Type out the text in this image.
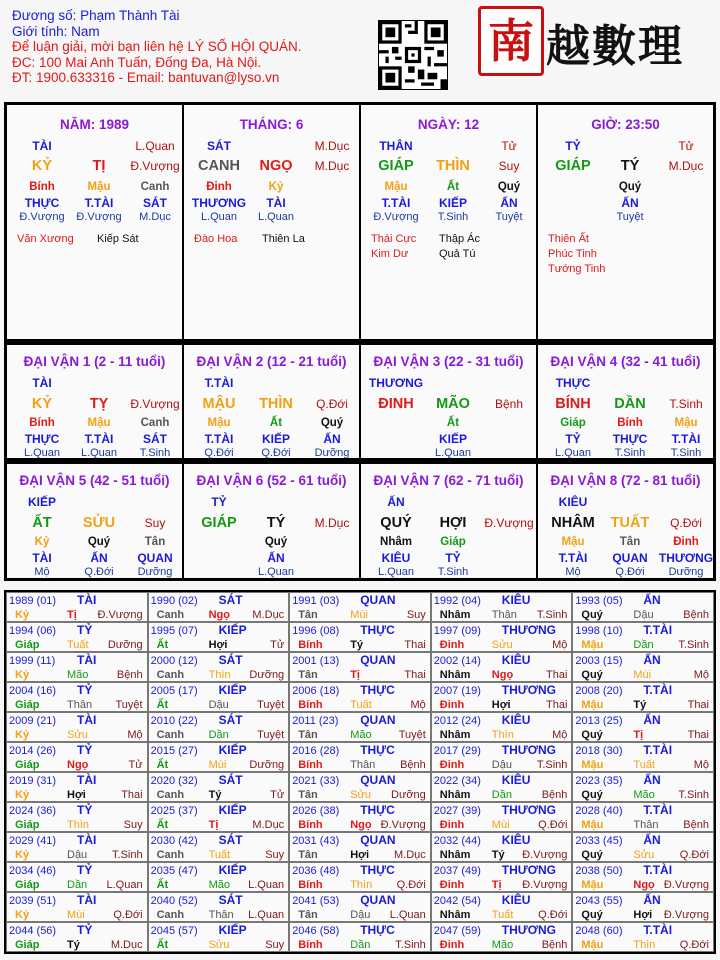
Đương số: Phạm Thành Tài
Giới tính: Nam
Để luận giải, mời bạn liên hệ LÝ SỐ HỘI QUÁN.
ĐC: 100 Mai Anh Tuấn, Đống Đa, Hà Nội.
ĐT: 1900.633316 - Email: bantuvan@lyso.vn
南 越數理
NĂM: 1989
TÀI	L.Quan
KỶ	TỊ Đ.Vượng
Bính
THỰC
Đ.Vượng
Mậu
T.TÀI
Đ.Vượng
Canh
SÁT
M.Dục
Văn Xương Kiếp Sát
THÁNG: 6
SÁT	M.Dục
CANH NGỌ M.Dục
Đinh
THƯƠNG
L.Quan
Kỷ
TÀI
L.Quan
Đào Hoa Thiên La
NGÀY: 12
THÂN	Tử
GIÁP THÌN Suy
Mậu
T.TÀI
Đ.Vượng
Ất
KIẾP
T.Sinh
Quý
ẤN
Tuyệt
Thái Cực Thập Ác
Kim Dư	Quả Tú
GIỜ: 23:50
TỶ	Tử
GIÁP TÝ M.Dục
Quý
ẤN
Tuyệt
Thiên Ất
Phúc Tinh
Tướng Tinh
ĐẠI VẬN 1 (2 - 11 tuổi)
TÀI
KỶ	TỴ Đ.Vượng
Bính
THỰC
L.Quan
Mậu
T.TÀI
L.Quan
Canh
SÁT
T.Sinh
ĐẠI VẬN 2 (12 - 21 tuổi)
T.TÀI
MẬU THÌN Q.Đới
Mậu
T.TÀI
Q.Đới
Ất
KIẾP
Q.Đới
Quý
ẤN
Dưỡng
ĐẠI VẬN 3 (22 - 31 tuổi)
THƯƠNG
ĐINH MÃO Bệnh
Ất
KIẾP
L.Quan
ĐẠI VẬN 4 (32 - 41 tuổi)
THỰC
BÍNH DẦN T.Sinh
Giáp
TỶ
L.Quan
Bính
THỰC
T.Sinh
Mậu
T.TÀI
T.Sinh
ĐẠI VẬN 5 (42 - 51 tuổi)
KIẾP
ẤT SỬU Suy
Kỷ
TÀI
Mộ
Quý
ẤN
Q.Đới
Tân
QUAN
Dưỡng
ĐẠI VẬN 6 (52 - 61 tuổi)
TỶ
GIÁP TÝ M.Dục
Quý
ẤN
L.Quan
ĐẠI VẬN 7 (62 - 71 tuổi)
ẤN
QUÝ HỢI Đ.Vượng
Nhâm
KIÊU
L.Quan
Giáp
TỶ
T.Sinh
ĐẠI VẬN 8 (72 - 81 tuổi)
KIÊU
NHÂM TUẤT Q.Đới
Mậu
T.TÀI
Mộ
Tân
QUAN
Q.Đới
Đinh
THƯƠNG
Dưỡng
1989 (01) TÀI
Kỷ	Tị Đ.Vượng
1990 (02) SÁT
Canh Ngọ M.Dục
1991 (03) QUAN
Tân	Mùi	Suy
1992 (04) KIÊU
Nhâm Thân T.Sinh
1993 (05) ẤN
Quý	Dậu	Bệnh
1994 (06) TỶ
Giáp	Tuất Dưỡng
1995 (07) KIẾP
Ất	Hợi	Tử
1996 (08) THỰC
Bính	Tý	Thai
1997 (09) THƯƠNG
Đinh	Sửu	Mộ
1998 (10) T.TÀI
Mậu	Dần T.Sinh
1999 (11) TÀI
Kỷ	Mão	Bệnh
2000 (12) SÁT
Canh Thìn Dưỡng
2001 (13) QUAN
Tân	Tị	Thai
2002 (14) KIÊU
Nhâm Ngọ	Thai
2003 (15) ẤN
Quý	Mùi	Mộ
2004 (16) TỶ
Giáp	Thân Tuyệt
2005 (17) KIẾP
Ất	Dậu	Tuyệt
2006 (18) THỰC
Bính	Tuất	Mộ
2007 (19) THƯƠNG
Đinh	Hợi	Thai
2008 (20) T.TÀI
Mậu	Tý	Thai
2009 (21) TÀI
Kỷ	Sửu	Mộ
2010 (22) SÁT
Canh Dần	Tuyệt
2011 (23) QUAN
Tân	Mão Tuyệt
2012 (24) KIÊU
Nhâm Thìn	Mộ
2013 (25) ẤN
Quý	Tị	Thai
2014 (26) TỶ
Giáp	Ngọ	Tử
2015 (27) KIẾP
Ất	Mùi Dưỡng
2016 (28) THỰC
Bính	Thân Bệnh
2017 (29) THƯƠNG
Đinh	Dậu T.Sinh
2018 (30) T.TÀI
Mậu	Tuất	Mộ
2019 (31) TÀI
Kỷ	Hợi	Thai
2020 (32) SÁT
Canh Tý	Tử
2021 (33) QUAN
Tân	Sửu Dưỡng
2022 (34) KIÊU
Nhâm Dần	Bệnh
2023 (35) ẤN
Quý	Mão T.Sinh
2024 (36) TỶ
Giáp	Thìn	Suy
2025 (37) KIẾP
Ất	Tị	M.Dục
2026 (38) THỰC
Bính	Ngọ Đ.Vượng
2027 (39) THƯƠNG
Đinh	Mùi	Q.Đới
2028 (40) T.TÀI
Mậu	Thân Bệnh
2029 (41) TÀI
Kỷ	Dậu T.Sinh
2030 (42) SÁT
Canh Tuất	Suy
2031 (43) QUAN
Tân	Hợi M.Dục
2032 (44) KIÊU
Nhâm Tý Đ.Vượng
2033 (45) ẤN
Quý	Sửu Q.Đới
2034 (46) TỶ
Giáp	Dần L.Quan
2035 (47) KIẾP
Ất	Mão L.Quan
2036 (48) THỰC
Bính	Thìn Q.Đới
2037 (49) THƯƠNG
Đinh	Tị Đ.Vượng
2038 (50) T.TÀI
Mậu	Ngọ Đ.Vượng
2039 (51) TÀI
Kỷ	Mùi	Q.Đới
2040 (52) SÁT
Canh Thân L.Quan
2041 (53) QUAN
Tân	Dậu L.Quan
2042 (54) KIÊU
Nhâm Tuất Q.Đới
2043 (55) ẤN
Quý	Hợi Đ.Vượng
2044 (56) TỶ
Giáp	Tý	M.Dục
2045 (57) KIẾP
Ất	Sửu	Suy
2046 (58) THỰC
Bính	Dần T.Sinh
2047 (59) THƯƠNG
Đinh	Mão	Bệnh
2048 (60) T.TÀI
Mậu	Thìn Q.Đới
